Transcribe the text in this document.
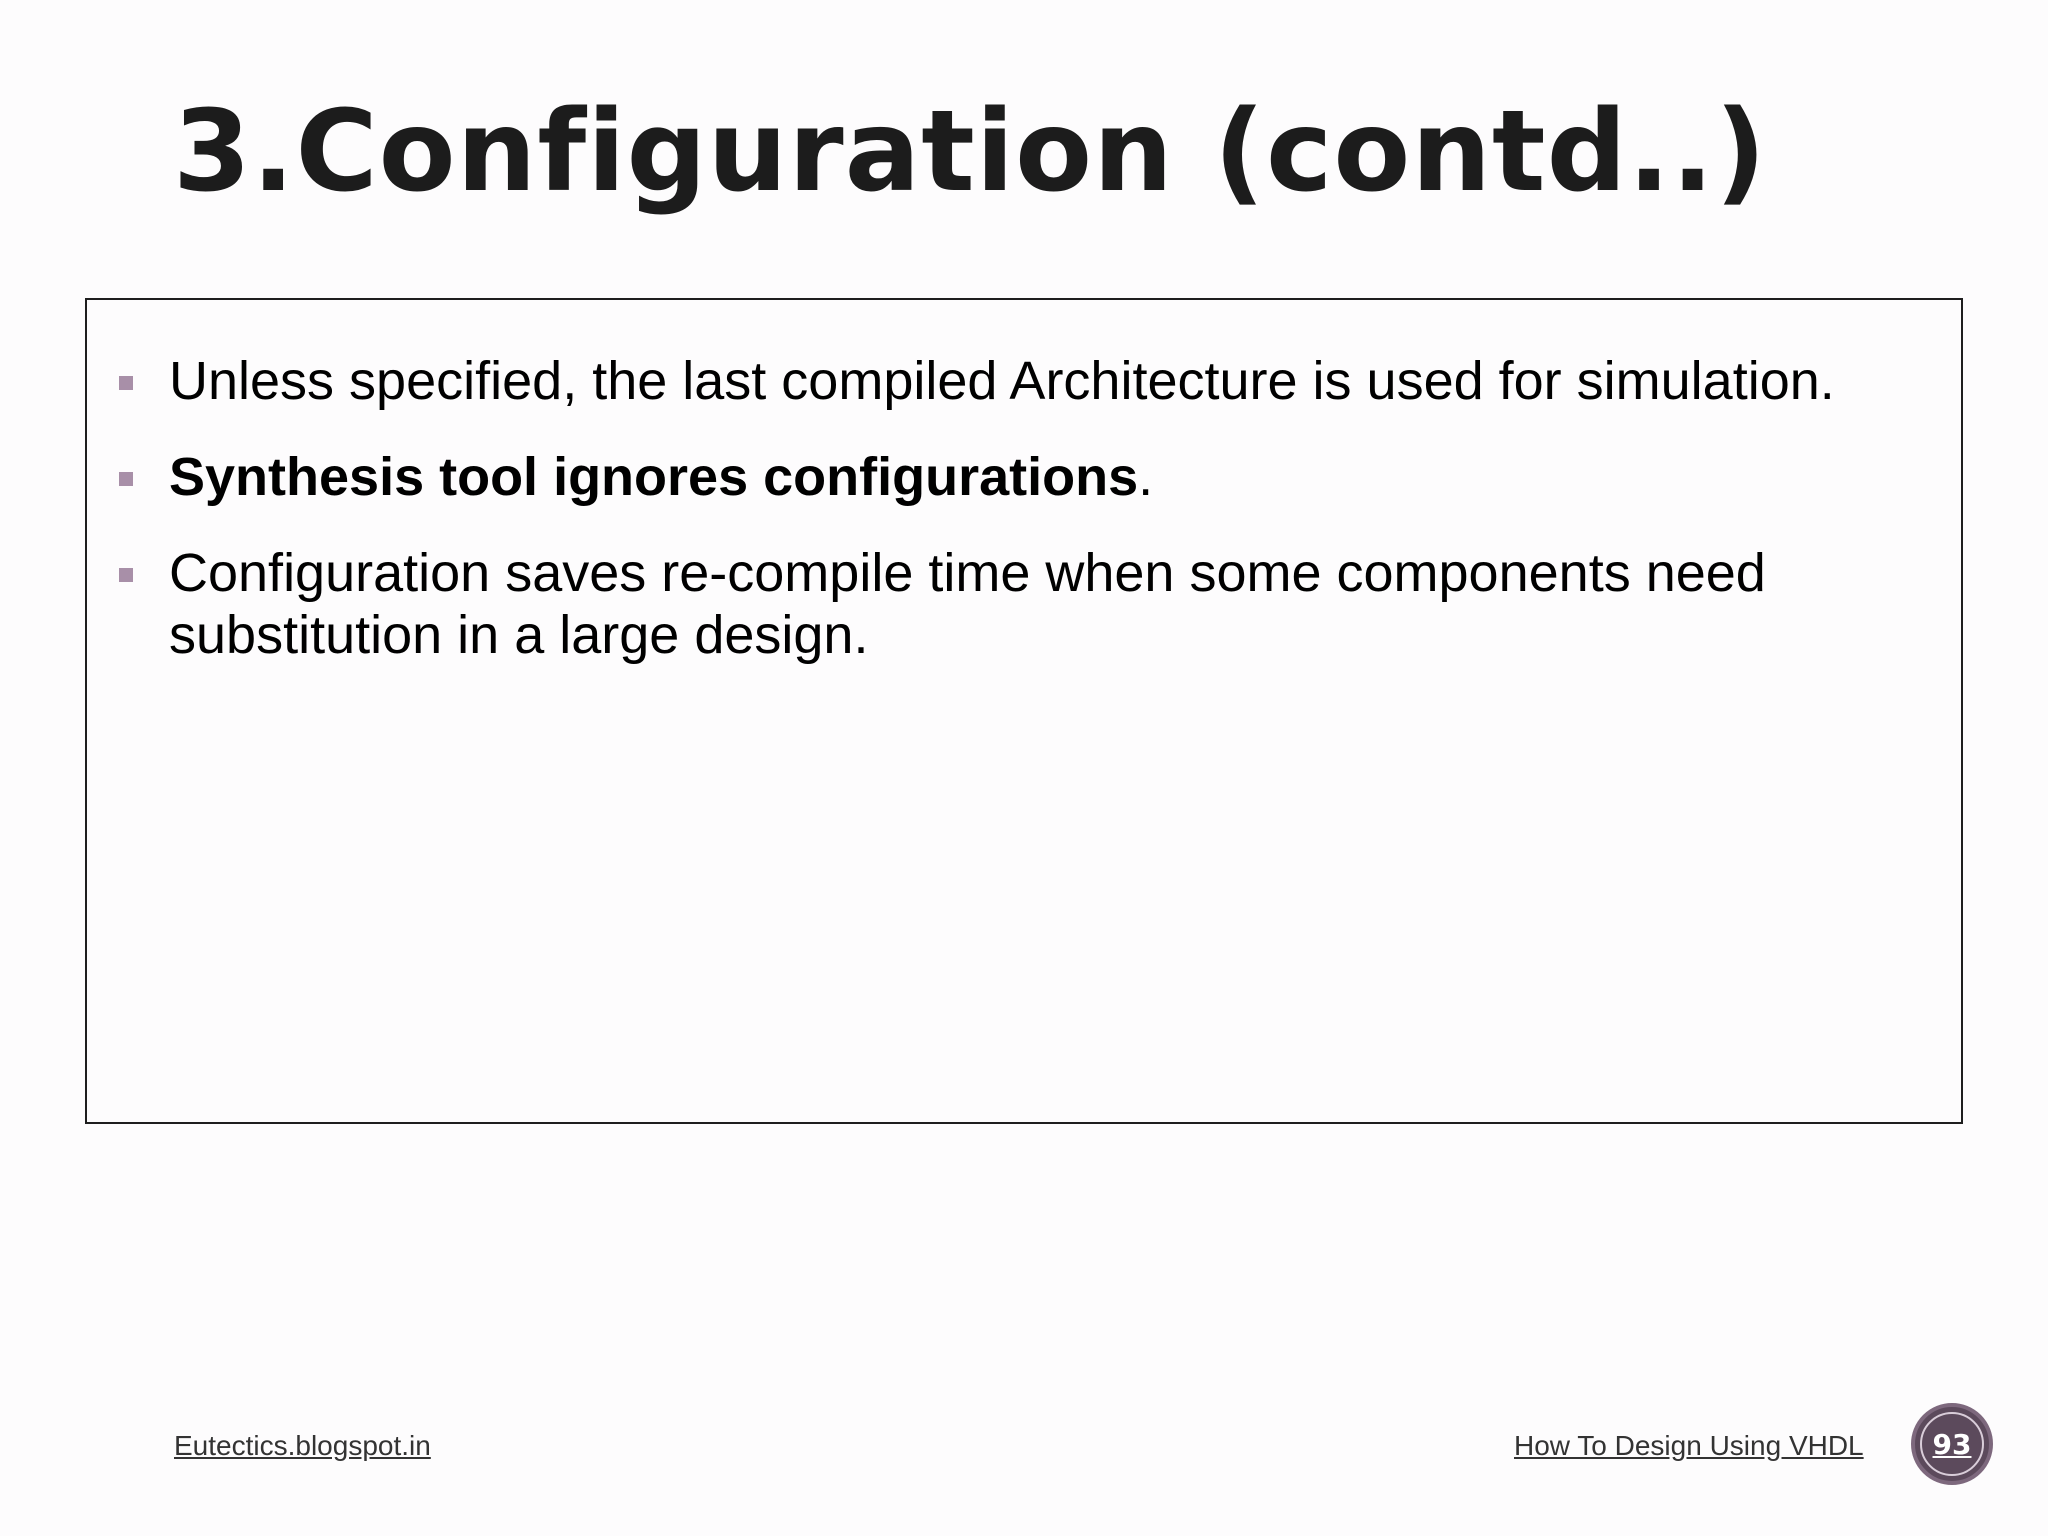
3.Configuration (contd..)
Unless specified, the last compiled Architecture is used for simulation.
Synthesis tool ignores configurations.
Configuration saves re-compile time when some components need substitution in a large design.
Eutectics.blogspot.in	How To Design Using VHDL	93
